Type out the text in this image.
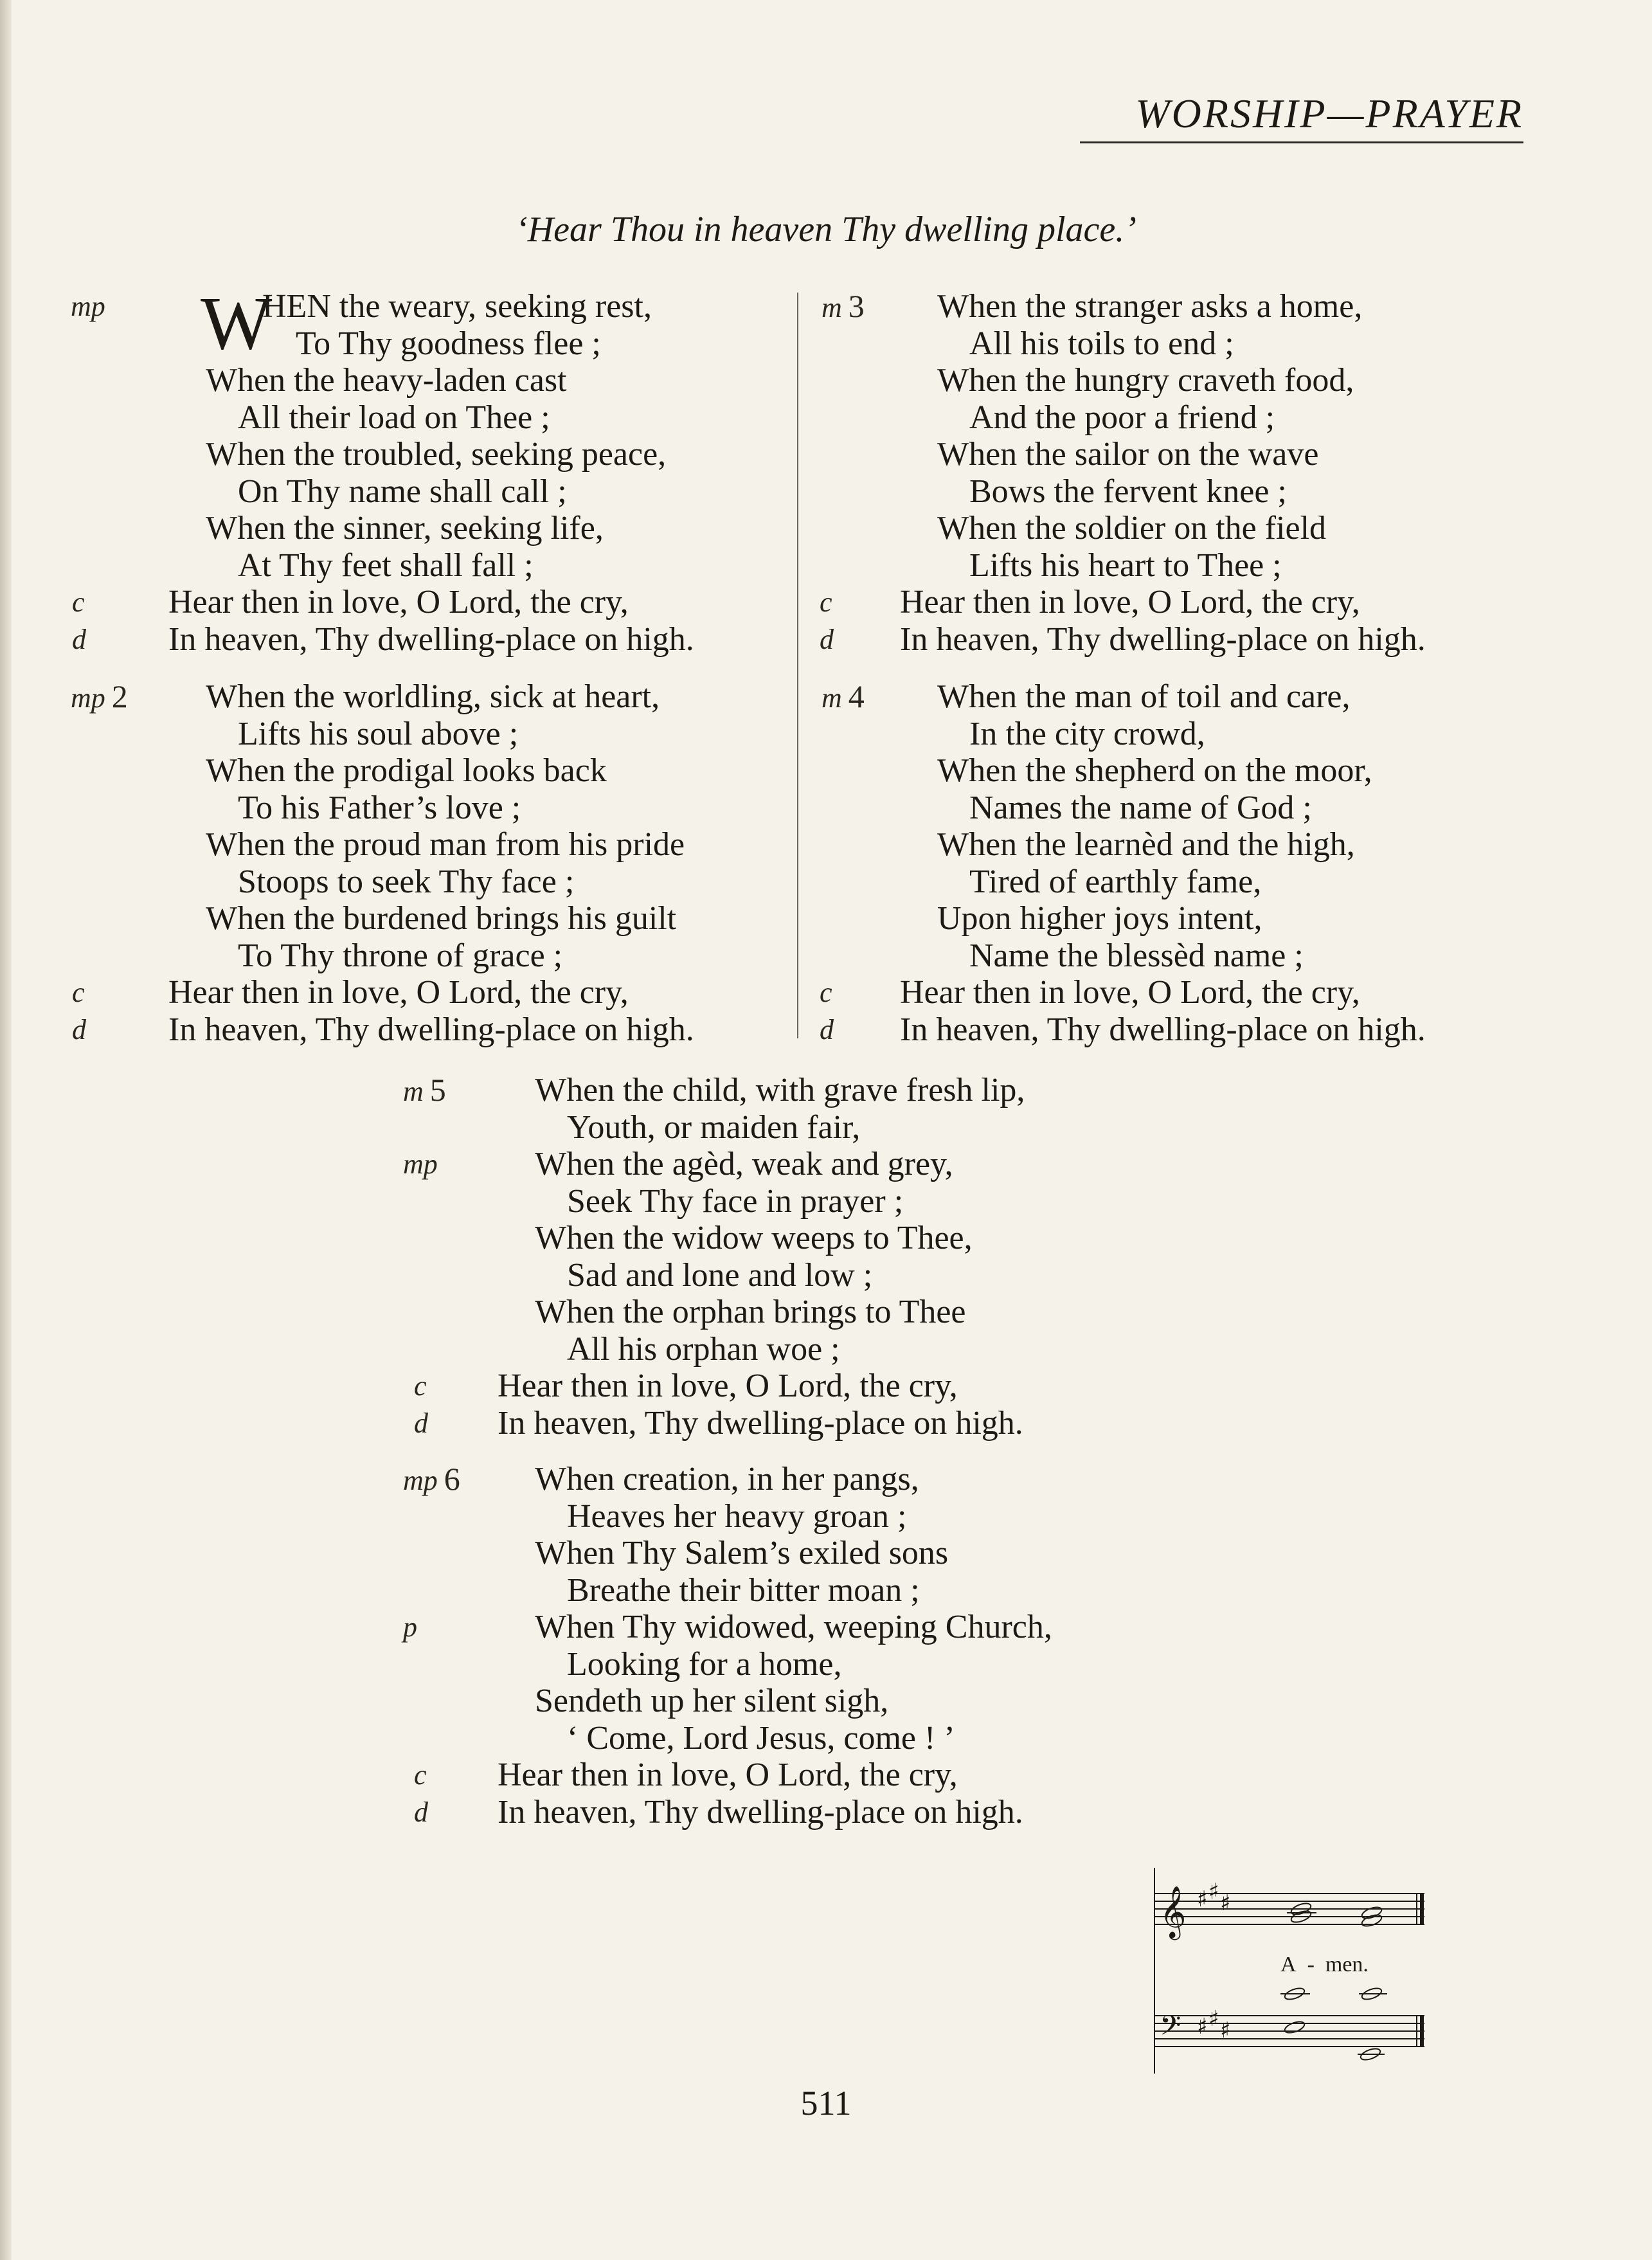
WORSHIP—PRAYER
‘Hear Thou in heaven Thy dwelling place.’
mp W
HEN the weary, seeking rest,
To Thy goodness flee ;
When the heavy-laden cast
All their load on Thee ;
When the troubled, seeking peace,
On Thy name shall call ;
When the sinner, seeking life,
At Thy feet shall fall ;
c	Hear then in love, O Lord, the cry,
d In heaven, Thy dwelling-place on high.
mp 2 When the worldling, sick at heart,
Lifts his soul above ;
When the prodigal looks back
To his Father’s love ;
When the proud man from his pride
Stoops to seek Thy face ;
When the burdened brings his guilt
To Thy throne of grace ;
c	Hear then in love, O Lord, the cry,
d In heaven, Thy dwelling-place on high.
m 3 When the stranger asks a home,
All his toils to end ;
When the hungry craveth food,
And the poor a friend ;
When the sailor on the wave
Bows the fervent knee ;
When the soldier on the field
Lifts his heart to Thee ;
c Hear then in love, O Lord, the cry,
d In heaven, Thy dwelling-place on high.
m 4 When the man of toil and care,
In the city crowd,
When the shepherd on the moor,
Names the name of God ;
When the learnèd and the high,
Tired of earthly fame,
Upon higher joys intent,
Name the blessèd name ;
c Hear then in love, O Lord, the cry,
d In heaven, Thy dwelling-place on high.
m 5
mp
When the child, with grave fresh lip,
Youth, or maiden fair,
When the agèd, weak and grey,
Seek Thy face in prayer ;
When the widow weeps to Thee,
Sad and lone and low ;
When the orphan brings to Thee
All his orphan woe ;
c Hear then in love, O Lord, the cry,
d In heaven, Thy dwelling-place on high.
mp 6
p
When creation, in her pangs,
Heaves her heavy groan ;
When Thy Salem’s exiled sons
Breathe their bitter moan ;
When Thy widowed, weeping Church,
Looking for a home,
Sendeth up her silent sigh,
‘ Come, Lord Jesus, come ! ’
c Hear then in love, O Lord, the cry,
d In heaven, Thy dwelling-place on high.
𝄞 ♯ ♯ ♯
𝄢 ♯ ♯ ♯
A - men.
511
